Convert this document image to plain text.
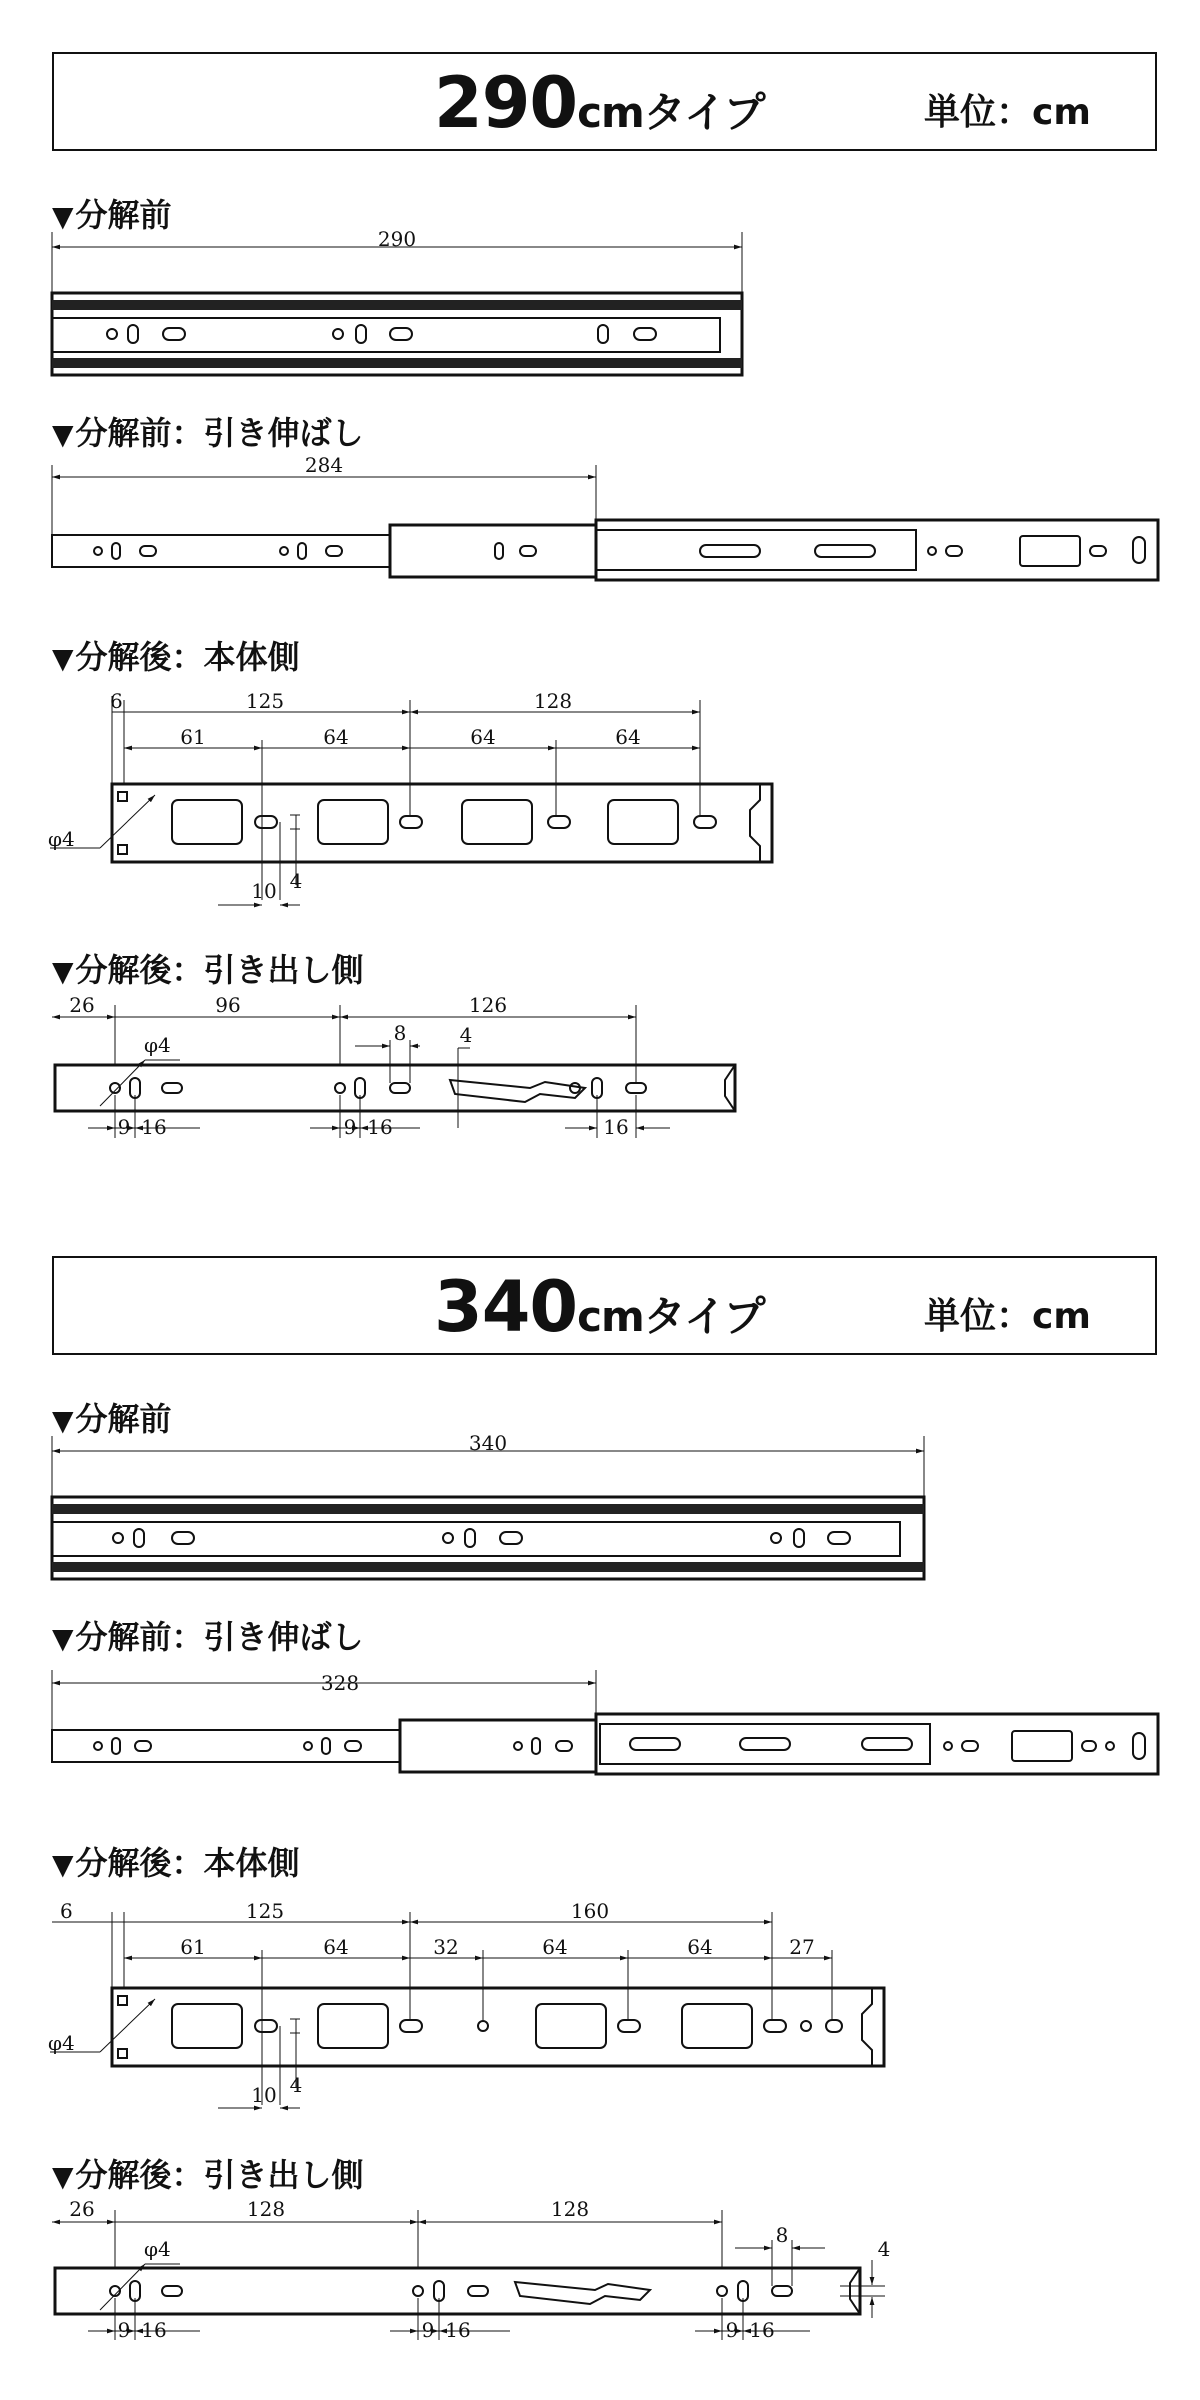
290cmタイプ	単位：cm
▼分解前
▼分解前：引き伸ばし
▼分解後：本体側
▼分解後：引き出し側
340cmタイプ	単位：cm
▼分解前
▼分解前：引き伸ばし
▼分解後：本体側
▼分解後：引き出し側
290
284
6	125	128
61	64	64	64
10 4
φ4
26	96	126
8	4
φ4
9 16	9 16	16
340
328
6	125	160
61	64	32	64	64	27
10 4
φ4
26	128	128
8
4
φ4
9 16	9 16	9 16
